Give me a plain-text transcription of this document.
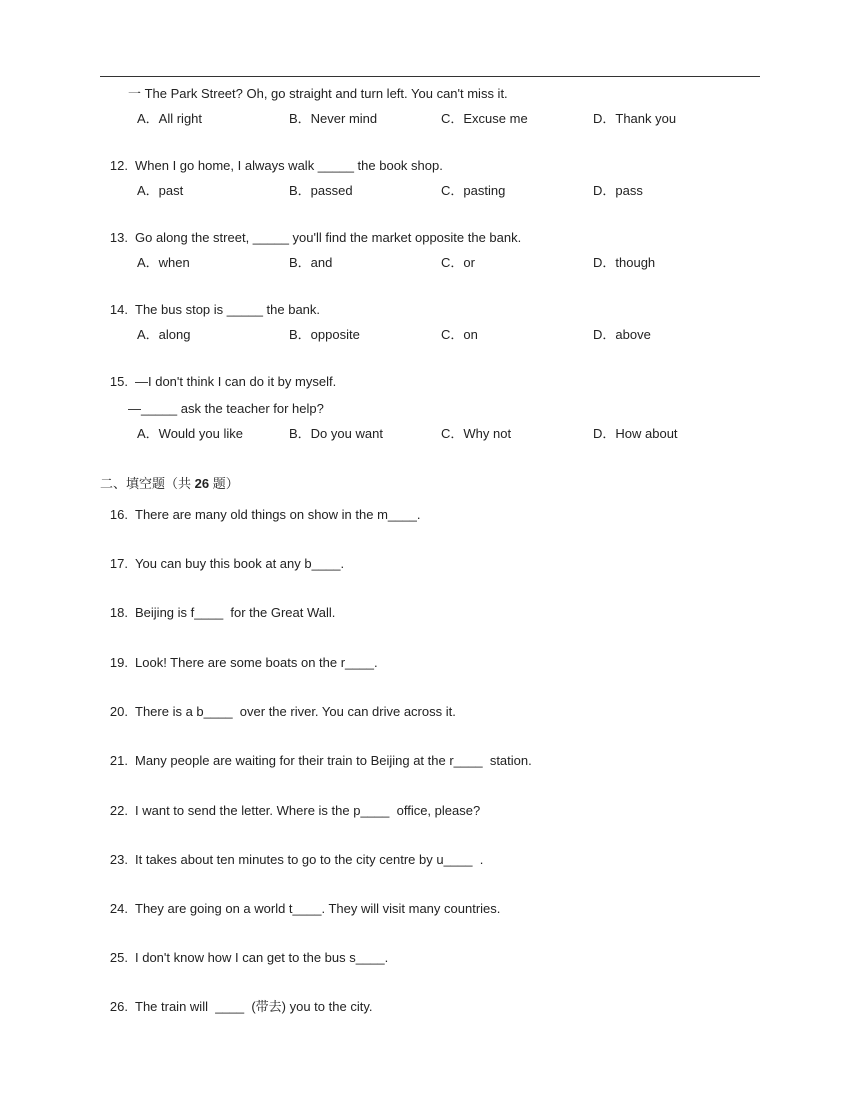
一 The Park Street? Oh, go straight and turn left. You can't miss it.
A．All right	B．Never mind	C．Excuse me	D．Thank you
12. When I go home, I always walk _____ the book shop.
A．past	B．passed	C．pasting	D．pass
13. Go along the street, _____ you'll find the market opposite the bank.
A．when	B．and	C．or	D．though
14. The bus stop is _____ the bank.
A．along	B．opposite	C．on	D．above
15. —I don't think I can do it by myself.
—_____ ask the teacher for help?
A．Would you like	B．Do you want	C．Why not	D．How about
二、填空题（共 26 题）
16. There are many old things on show in the m____.
17. You can buy this book at any b____.
18. Beijing is f____  for the Great Wall.
19. Look! There are some boats on the r____.
20. There is a b____  over the river. You can drive across it.
21. Many people are waiting for their train to Beijing at the r____  station.
22. I want to send the letter. Where is the p____  office, please?
23. It takes about ten minutes to go to the city centre by u____  .
24. They are going on a world t____. They will visit many countries.
25. I don't know how I can get to the bus s____.
26. The train will  ____  (带去) you to the city.
